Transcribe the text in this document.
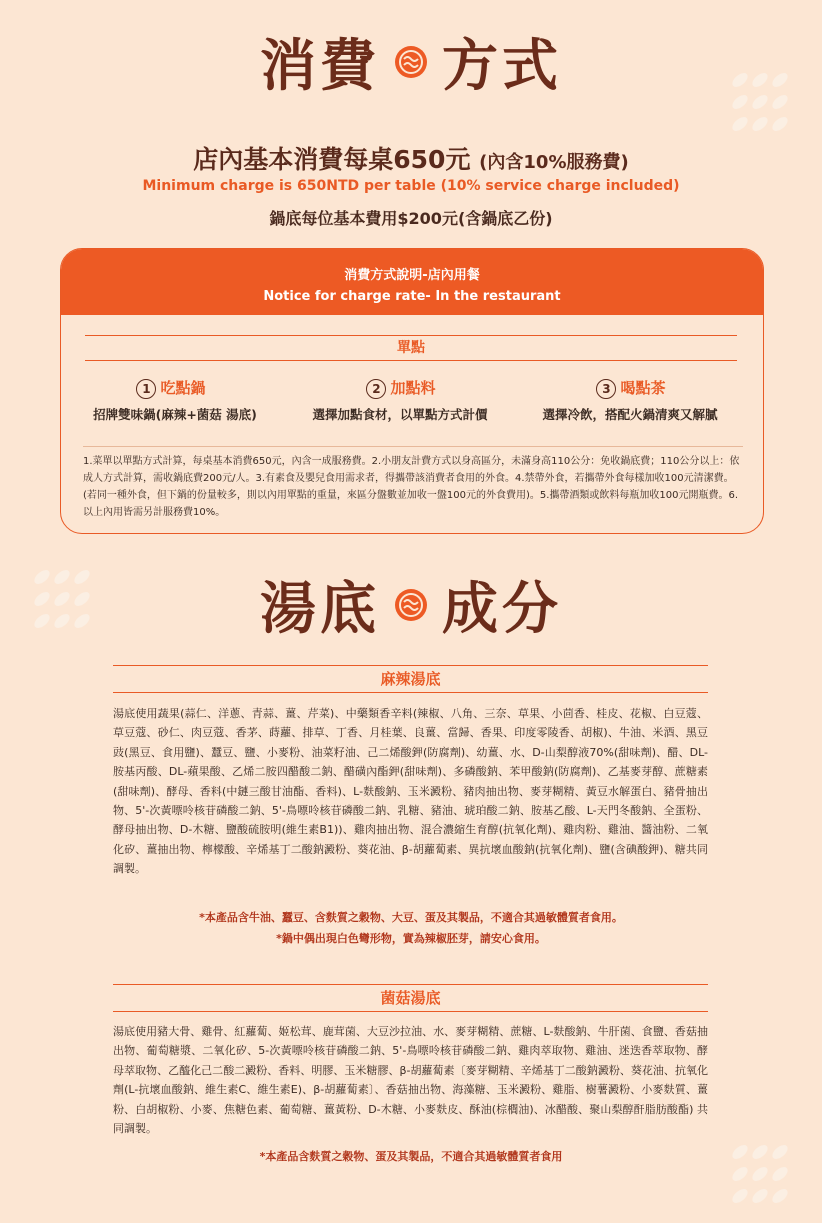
消費 方式
店內基本消費每桌650元 (內含10%服務費)
Minimum charge is 650NTD per table (10% service charge included)
鍋底每位基本費用$200元(含鍋底乙份)
消費方式說明-店內用餐
Notice for charge rate- In the restaurant
單點
1 吃點鍋	2 加點料	3 喝點茶
招牌雙味鍋(麻辣+菌菇 湯底)	選擇加點食材，以單點方式計價	選擇冷飲，搭配火鍋清爽又解膩
1.菜單以單點方式計算，每桌基本消費650元，內含一成服務費。2.小朋友計費方式以身高區分，未滿身高110公分：免收鍋底費；110公分以上：依成人方式計算，需收鍋底費200元/人。3.有素食及嬰兒食用需求者，得攜帶該消費者食用的外食。4.禁帶外食，若攜帶外食每樣加收100元清潔費。(若同一種外食，但下鍋的份量較多，則以內用單點的重量，來區分盤數並加收一盤100元的外食費用)。5.攜帶酒類或飲料每瓶加收100元開瓶費。6.以上內用皆需另計服務費10%。
湯底 成分
麻辣湯底
湯底使用蔬果(蒜仁、洋蔥、青蒜、薑、芹菜)、中藥類香辛料(辣椒、八角、三奈、草果、小茴香、桂皮、花椒、白豆蔻、草豆蔻、砂仁、肉豆蔻、香茅、蒔蘿、排草、丁香、月桂葉、良薑、當歸、香果、印度零陵香、胡椒)、牛油、米酒、黑豆豉(黑豆、食用鹽)、蠶豆、鹽、小麥粉、油菜籽油、己二烯酸鉀(防腐劑)、幼薑、水、D-山梨醇液70%(甜味劑)、醋、DL-胺基丙酸、DL-蘋果酸、乙烯二胺四醋酸二鈉、醋磺內酯鉀(甜味劑)、多磷酸鈉、苯甲酸鈉(防腐劑)、乙基麥芽醇、蔗糖素(甜味劑)、酵母、香料(中鏈三酸甘油酯、香料)、L-麩酸鈉、玉米澱粉、豬肉抽出物、麥芽糊精、黃豆水解蛋白、豬骨抽出物、5'-次黃嘌呤核苷磷酸二鈉、5'-鳥嘌呤核苷磷酸二鈉、乳糖、豬油、琥珀酸二鈉、胺基乙酸、L-天門冬酸鈉、全蛋粉、酵母抽出物、D-木糖、鹽酸硫胺明(維生素B1))、雞肉抽出物、混合濃縮生育醇(抗氧化劑)、雞肉粉、雞油、醬油粉、二氧化矽、薑抽出物、檸檬酸、辛烯基丁二酸鈉澱粉、葵花油、β-胡蘿蔔素、異抗壞血酸鈉(抗氧化劑)、鹽(含碘酸鉀)、糖共同調製。
*本產品含牛油、蠶豆、含麩質之穀物、大豆、蛋及其製品，不適合其過敏體質者食用。
*鍋中偶出現白色彎形物，實為辣椒胚芽，請安心食用。
菌菇湯底
湯底使用豬大骨、雞骨、紅蘿蔔、姬松茸、鹿茸菌、大豆沙拉油、水、麥芽糊精、蔗糖、L-麩酸鈉、牛肝菌、食鹽、香菇抽出物、葡萄糖漿、二氧化矽、5-次黃嘌呤核苷磷酸二鈉、5'-鳥嘌呤核苷磷酸二鈉、雞肉萃取物、雞油、迷迭香萃取物、酵母萃取物、乙醯化己二酸二澱粉、香料、明膠、玉米糖膠、β-胡蘿蔔素〔麥芽糊精、辛烯基丁二酸鈉澱粉、葵花油、抗氧化劑(L-抗壞血酸鈉、維生素C、維生素E)、β-胡蘿蔔素〕、香菇抽出物、海藻糖、玉米澱粉、雞脂、樹薯澱粉、小麥麩質、薑粉、白胡椒粉、小麥、焦糖色素、葡萄糖、薑黃粉、D-木糖、小麥麩皮、酥油(棕櫚油)、冰醋酸、聚山梨醇酐脂肪酸酯) 共同調製。
*本產品含麩質之穀物、蛋及其製品，不適合其過敏體質者食用
